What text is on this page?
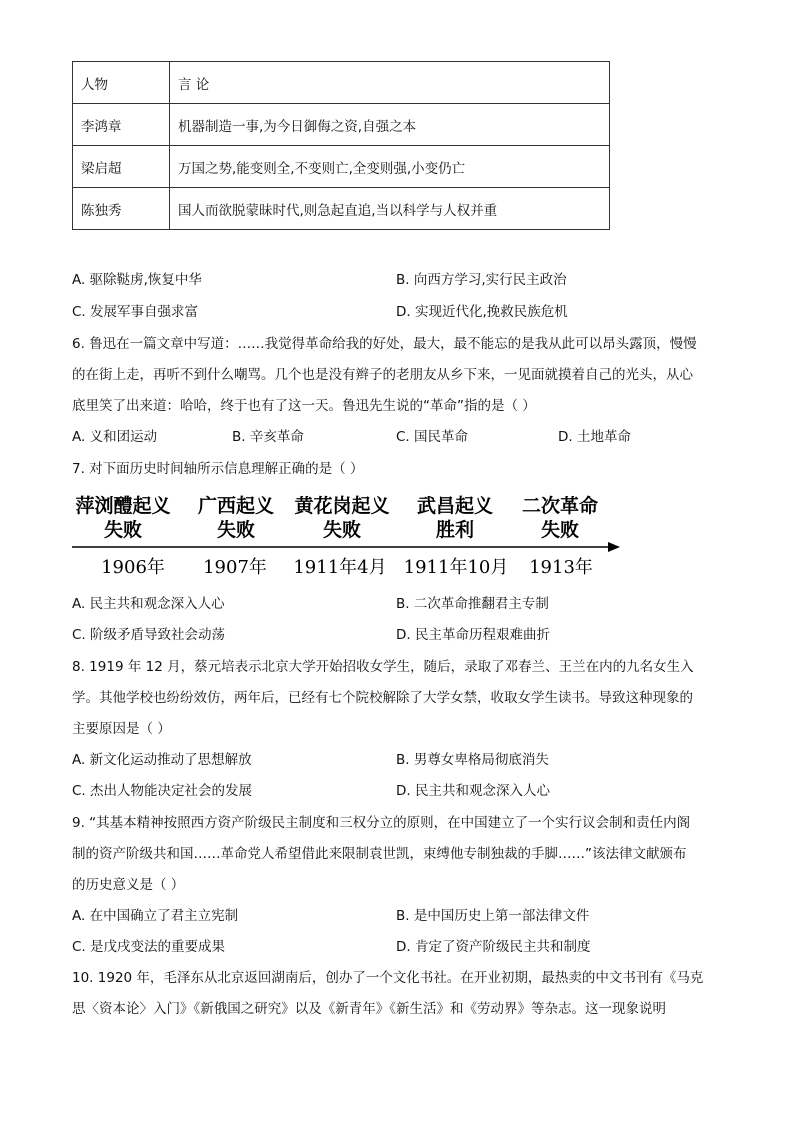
人物	言 论
李鸿章	机器制造一事,为今日御侮之资,自强之本
梁启超	万国之势,能变则全,不变则亡,全变则强,小变仍亡
陈独秀	国人而欲脱蒙昧时代,则急起直追,当以科学与人权并重
A. 驱除鞑虏,恢复中华	B. 向西方学习,实行民主政治
C. 发展军事自强求富	D. 实现近代化,挽救民族危机
6. 鲁迅在一篇文章中写道：……我觉得革命给我的好处，最大，最不能忘的是我从此可以昂头露顶，慢慢
的在街上走，再听不到什么嘲骂。几个也是没有辫子的老朋友从乡下来，一见面就摸着自己的光头，从心
底里笑了出来道：哈哈，终于也有了这一天。鲁迅先生说的“革命”指的是（ ）
A. 义和团运动	B. 辛亥革命	C. 国民革命	D. 土地革命
7. 对下面历史时间轴所示信息理解正确的是（ ）
萍浏醴起义
失败
广西起义
失败
黄花岗起义
失败
武昌起义
胜利
二次革命
失败
1906年	1907年	1911年4月 1911年10月	1913年
A. 民主共和观念深入人心	B. 二次革命推翻君主专制
C. 阶级矛盾导致社会动荡	D. 民主革命历程艰难曲折
8. 1919 年 12 月，蔡元培表示北京大学开始招收女学生，随后，录取了邓春兰、王兰在内的九名女生入
学。其他学校也纷纷效仿，两年后，已经有七个院校解除了大学女禁，收取女学生读书。导致这种现象的
主要原因是（ ）
A. 新文化运动推动了思想解放	B. 男尊女卑格局彻底消失
C. 杰出人物能决定社会的发展	D. 民主共和观念深入人心
9. “其基本精神按照西方资产阶级民主制度和三权分立的原则，在中国建立了一个实行议会制和责任内阁
制的资产阶级共和国……革命党人希望借此来限制袁世凯，束缚他专制独裁的手脚……”该法律文献颁布
的历史意义是（ ）
A. 在中国确立了君主立宪制	B. 是中国历史上第一部法律文件
C. 是戊戌变法的重要成果	D. 肯定了资产阶级民主共和制度
10. 1920 年，毛泽东从北京返回湖南后，创办了一个文化书社。在开业初期，最热卖的中文书刊有《马克
思〈资本论〉入门》《新俄国之研究》以及《新青年》《新生活》和《劳动界》等杂志。这一现象说明
